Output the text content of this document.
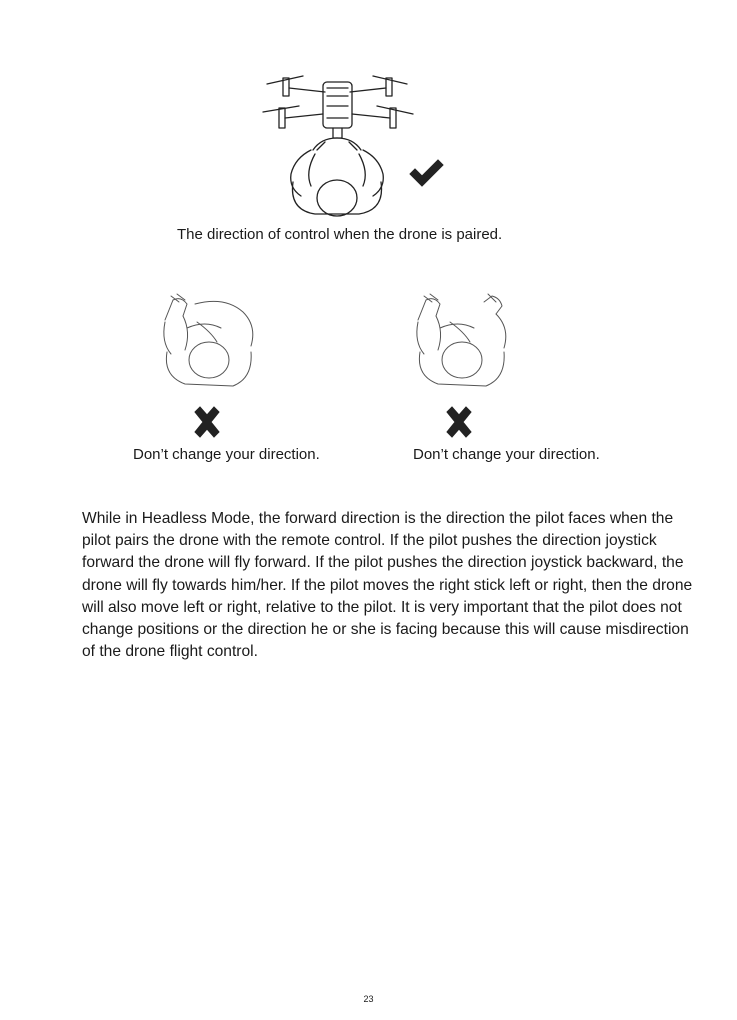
The direction of control when the drone is paired.
Don’t change your direction.	Don’t change your direction.

While in Headless Mode, the forward direction is the direction the pilot faces when the pilot pairs the drone with the remote control. If the pilot pushes the direction joystick forward the drone will fly forward. If the pilot pushes the direction joystick backward, the drone will fly towards him/her. If the pilot moves the right stick left or right, then the drone will also move left or right, relative to the pilot. It is very important that the pilot does not change positions or the direction he or she is facing because this will cause misdirection of the drone flight control.

23
